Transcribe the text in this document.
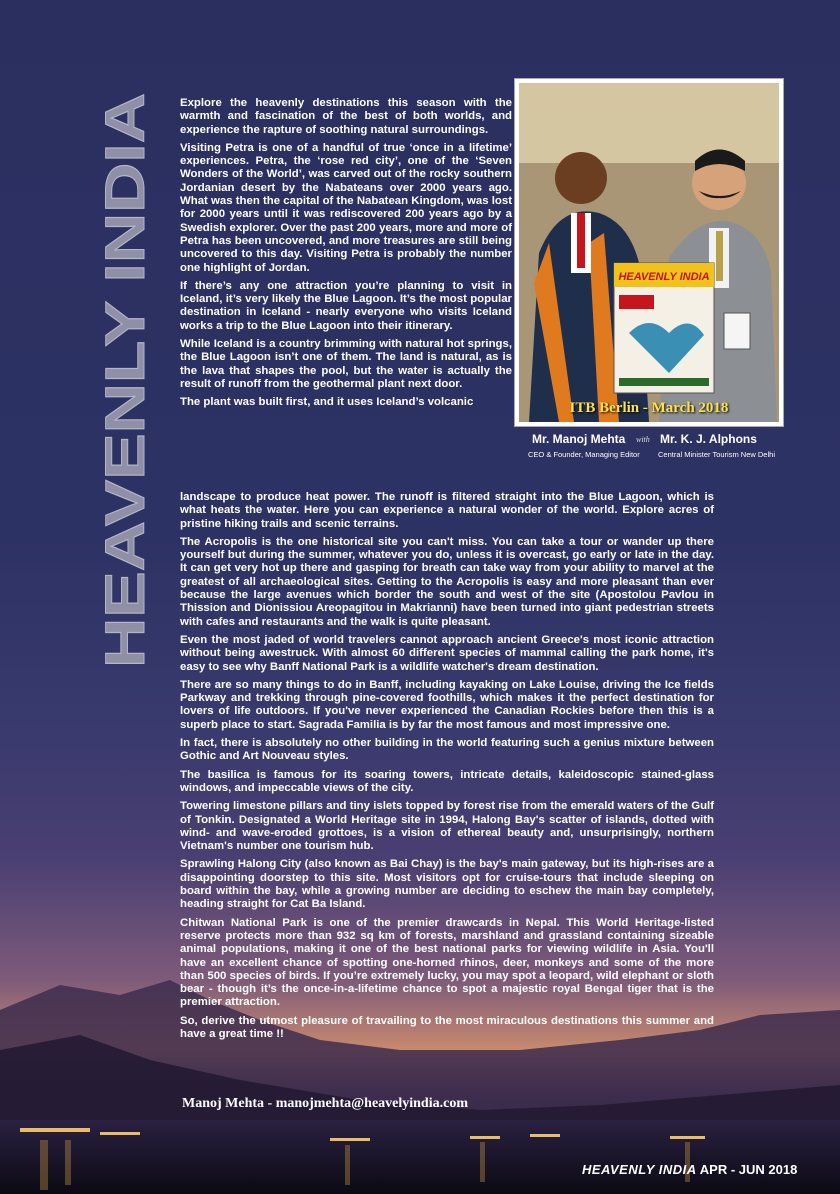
HEAVENLY INDIA

Explore the heavenly destinations this season with the warmth and fascination of the best of both worlds, and experience the rapture of soothing natural surroundings.

Visiting Petra is one of a handful of true ‘once in a lifetime’ experiences. Petra, the ‘rose red city’, one of the ‘Seven Wonders of the World’, was carved out of the rocky southern Jordanian desert by the Nabateans over 2000 years ago. What was then the capital of the Nabatean Kingdom, was lost for 2000 years until it was rediscovered 200 years ago by a Swedish explorer. Over the past 200 years, more and more of Petra has been uncovered, and more treasures are still being uncovered to this day. Visiting Petra is probably the number one highlight of Jordan.

If there’s any one attraction you’re planning to visit in Iceland, it’s very likely the Blue Lagoon. It’s the most popular destination in Iceland - nearly everyone who visits Iceland works a trip to the Blue Lagoon into their itinerary.

While Iceland is a country brimming with natural hot springs, the Blue Lagoon isn’t one of them. The land is natural, as is the lava that shapes the pool, but the water is actually the result of runoff from the geothermal plant next door.

The plant was built first, and it uses Iceland’s volcanic

HEAVENLY INDIA
ITB Berlin - March 2018
Mr. Manoj Mehta with Mr. K. J. Alphons
CEO & Founder, Managing Editor Central Minister Tourism New Delhi

landscape to produce heat power. The runoff is filtered straight into the Blue Lagoon, which is what heats the water. Here you can experience a natural wonder of the world. Explore acres of pristine hiking trails and scenic terrains.

The Acropolis is the one historical site you can't miss. You can take a tour or wander up there yourself but during the summer, whatever you do, unless it is overcast, go early or late in the day. It can get very hot up there and gasping for breath can take way from your ability to marvel at the greatest of all archaeological sites. Getting to the Acropolis is easy and more pleasant than ever because the large avenues which border the south and west of the site (Apostolou Pavlou in Thission and Dionissiou Areopagitou in Makrianni) have been turned into giant pedestrian streets with cafes and restaurants and the walk is quite pleasant.

Even the most jaded of world travelers cannot approach ancient Greece's most iconic attraction without being awestruck. With almost 60 different species of mammal calling the park home, it's easy to see why Banff National Park is a wildlife watcher's dream destination.

There are so many things to do in Banff, including kayaking on Lake Louise, driving the Ice fields Parkway and trekking through pine-covered foothills, which makes it the perfect destination for lovers of life outdoors. If you've never experienced the Canadian Rockies before then this is a superb place to start. Sagrada Familia is by far the most famous and most impressive one.

In fact, there is absolutely no other building in the world featuring such a genius mixture between Gothic and Art Nouveau styles.

The basilica is famous for its soaring towers, intricate details, kaleidoscopic stained-glass windows, and impeccable views of the city.

Towering limestone pillars and tiny islets topped by forest rise from the emerald waters of the Gulf of Tonkin. Designated a World Heritage site in 1994, Halong Bay's scatter of islands, dotted with wind- and wave-eroded grottoes, is a vision of ethereal beauty and, unsurprisingly, northern Vietnam's number one tourism hub.

Sprawling Halong City (also known as Bai Chay) is the bay's main gateway, but its high-rises are a disappointing doorstep to this site. Most visitors opt for cruise-tours that include sleeping on board within the bay, while a growing number are deciding to eschew the main bay completely, heading straight for Cat Ba Island.

Chitwan National Park is one of the premier drawcards in Nepal. This World Heritage-listed reserve protects more than 932 sq km of forests, marshland and grassland containing sizeable animal populations, making it one of the best national parks for viewing wildlife in Asia. You'll have an excellent chance of spotting one-horned rhinos, deer, monkeys and some of the more than 500 species of birds. If you’re extremely lucky, you may spot a leopard, wild elephant or sloth bear - though it’s the once-in-a-lifetime chance to spot a majestic royal Bengal tiger that is the premier attraction.

So, derive the utmost pleasure of travailing to the most miraculous destinations this summer and have a great time !!

Manoj Mehta - manojmehta@heavelyindia.com
HEAVENLY INDIA APR - JUN 2018
